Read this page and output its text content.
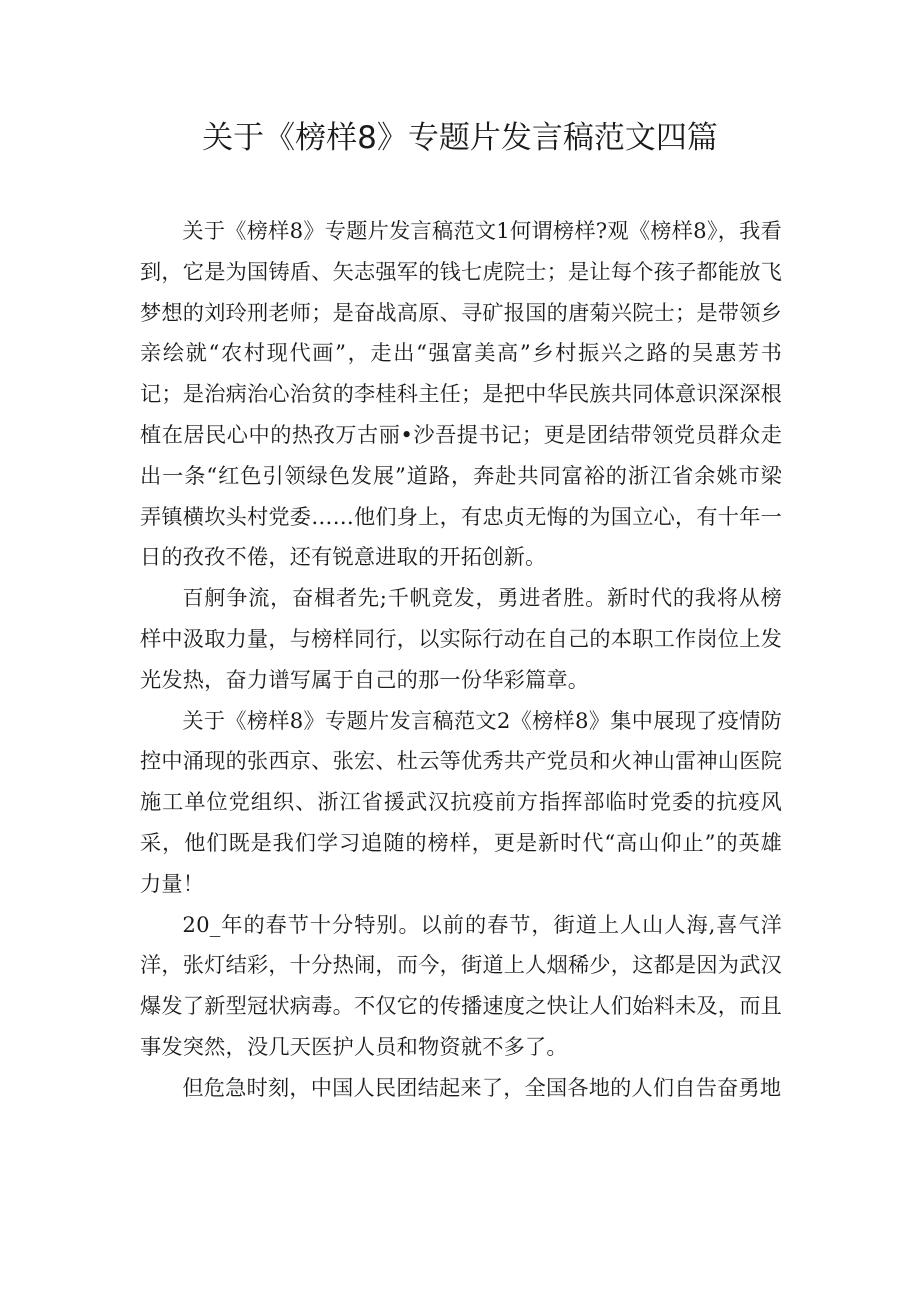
关于《榜样8》专题片发言稿范文四篇

关于《榜样8》专题片发言稿范文1何谓榜样?观《榜样8》，我看到，它是为国铸盾、矢志强军的钱七虎院士；是让每个孩子都能放飞梦想的刘玲刑老师；是奋战高原、寻矿报国的唐菊兴院士；是带领乡亲绘就“农村现代画”，走出“强富美高”乡村振兴之路的吴惠芳书记；是治病治心治贫的李桂科主任；是把中华民族共同体意识深深根植在居民心中的热孜万古丽•沙吾提书记；更是团结带领党员群众走出一条“红色引领绿色发展”道路，奔赴共同富裕的浙江省余姚市梁弄镇横坎头村党委……他们身上，有忠贞无悔的为国立心，有十年一日的孜孜不倦，还有锐意进取的开拓创新。

百舸争流，奋楫者先;千帆竞发，勇进者胜。新时代的我将从榜样中汲取力量，与榜样同行，以实际行动在自己的本职工作岗位上发光发热，奋力谱写属于自己的那一份华彩篇章。

关于《榜样8》专题片发言稿范文2《榜样8》集中展现了疫情防控中涌现的张西京、张宏、杜云等优秀共产党员和火神山雷神山医院施工单位党组织、浙江省援武汉抗疫前方指挥部临时党委的抗疫风采，他们既是我们学习追随的榜样，更是新时代“高山仰止”的英雄力量！

20_年的春节十分特别。以前的春节，街道上人山人海,喜气洋洋，张灯结彩，十分热闹，而今，街道上人烟稀少，这都是因为武汉爆发了新型冠状病毒。不仅它的传播速度之快让人们始料未及，而且事发突然，没几天医护人员和物资就不多了。

但危急时刻，中国人民团结起来了，全国各地的人们自告奋勇地
